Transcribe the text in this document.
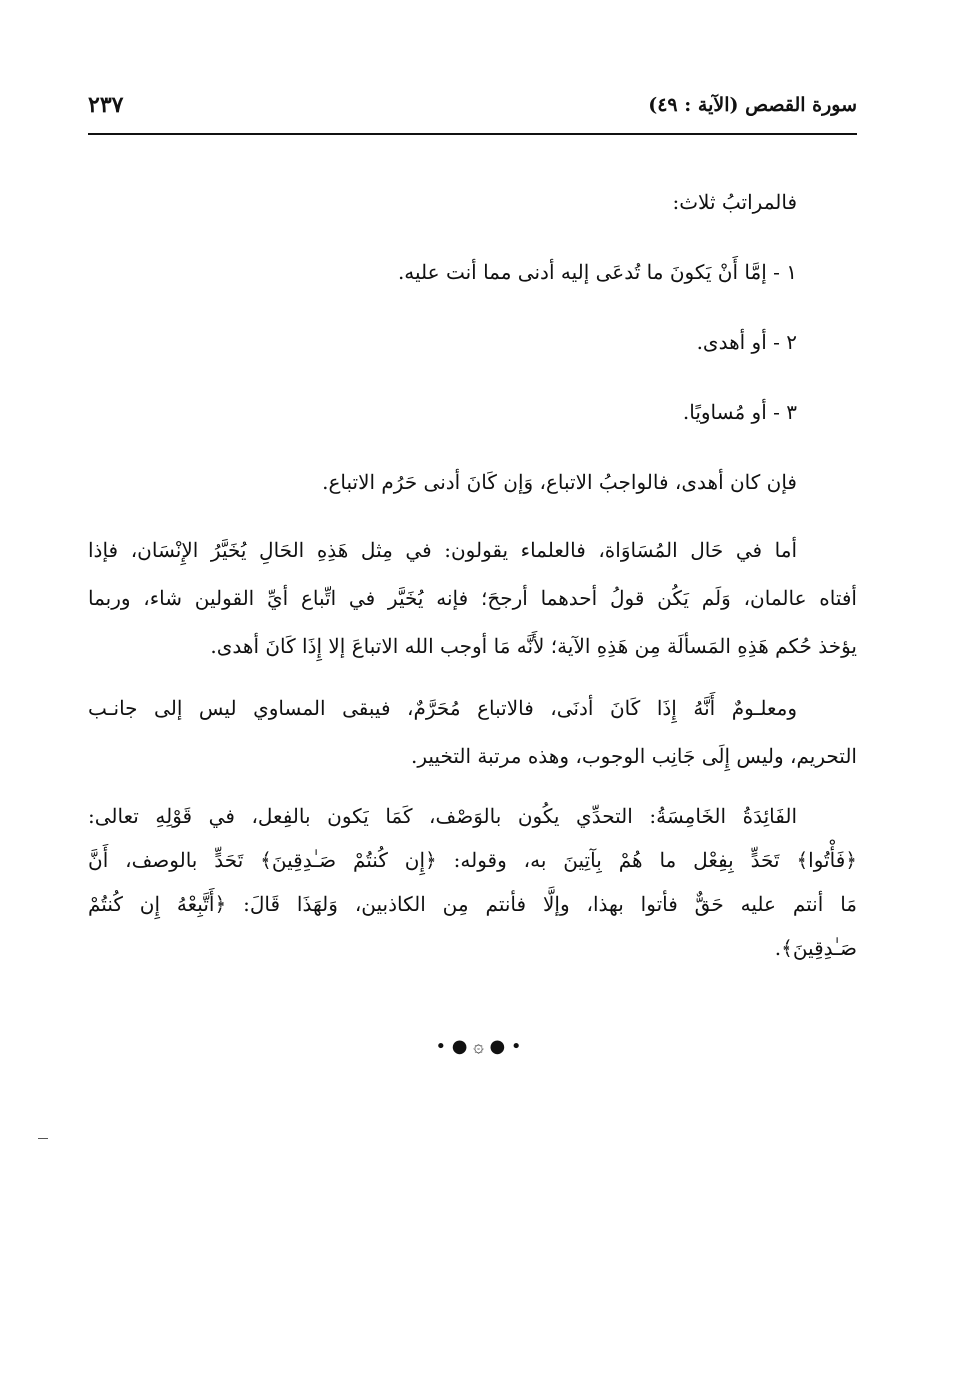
٢٣٧	سورة القصص (الآية : ٤٩)
فالمراتبُ ثلاث:
١ - إمَّا أَنْ يَكونَ ما تُدعَى إليه أدنى مما أنت عليه.
٢ - أو أهدى.
٣ - أو مُساويًا.
فإن كان أهدى، فالواجبُ الاتباع، وَإن كَانَ أدنى حَرُم الاتباع.
أما في حَال المُسَاوَاة، فالعلماء يقولون: في مِثل هَذِهِ الحَالِ يُخَيَّرُ الإِنْسَان، فإذا
أفتاه عالمان، وَلَم يَكُن قولُ أحدهما أرجحَ؛ فإنه يُخَيَّر في اتِّباع أيِّ القولين شاء، وربما
يؤخذ حُكم هَذِهِ المَسألَة مِن هَذِهِ الآية؛ لأَنَّه مَا أوجب الله الاتباعَ إلا إِذَا كَانَ أهدى.
ومعلـومٌ أَنَّهُ إِذَا كَانَ أدنَى، فالاتباع مُحَرَّمٌ، فيبقى المساوي ليس إلى جانـب
التحريم، وليس إِلَى جَانِب الوجوب، وهذه مرتبة التخيير.
الفَائِدَةُ الخَامِسَةُ: التحدِّي يكُون بالوَصْف، كَمَا يَكون بالفِعل، في قَوْلِهِ تعالى:
﴿فَأْتُوا﴾ تَحَدٍّ بِفِعْل ما هُمْ بِآتِينَ به، وقوله: ﴿إِن كُنتُمْ صَـٰدِقِينَ﴾ تَحَدٍّ بالوصف، أَنَّ
مَا أنتم عليه حَقٌّ فأتوا بهذا، وإلَّا فأنتم مِن الكاذبين، وَلهَذَا قَالَ: ﴿أَتَّبِعْهُ إِن كُنتُمْ
صَـٰدِقِينَ﴾.
• ● ۞ ● •
